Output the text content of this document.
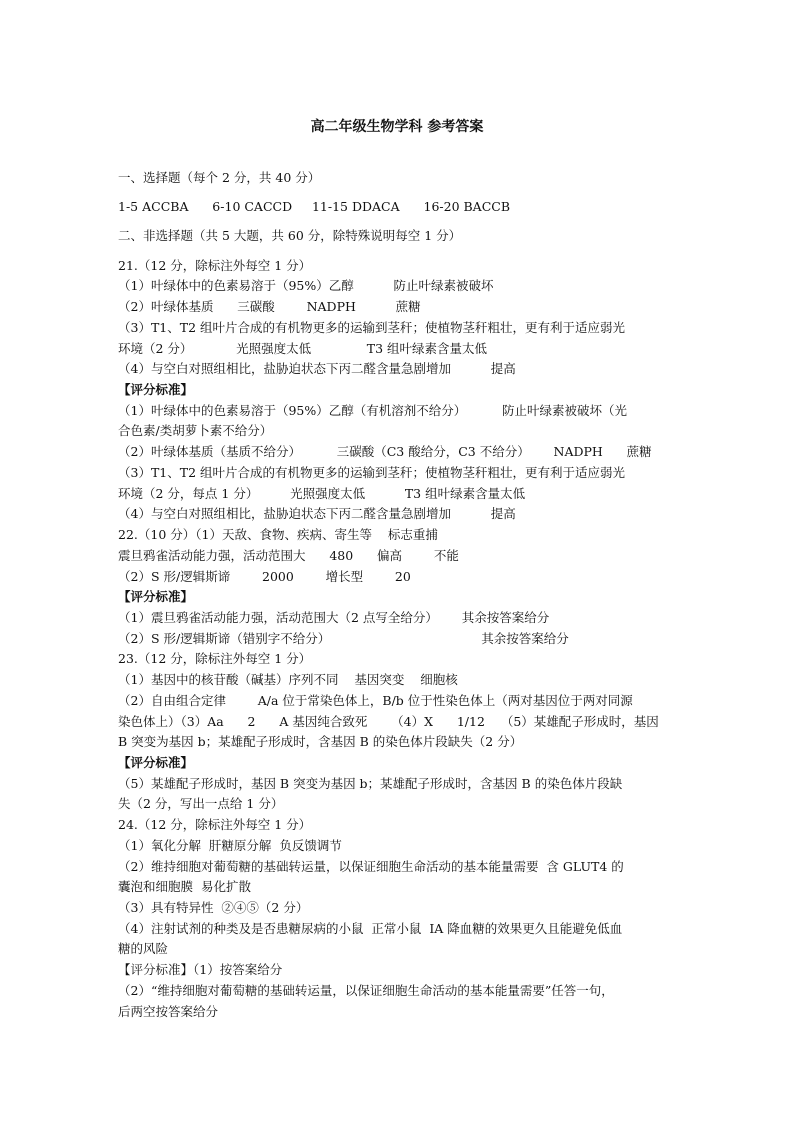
高二年级生物学科 参考答案
一、选择题（每个 2 分，共 40 分）
1-5 ACCBA      6-10 CACCD     11-15 DDACA      16-20 BACCB
二、非选择题（共 5 大题，共 60 分，除特殊说明每空 1 分）
21.（12 分，除标注外每空 1 分）
（1）叶绿体中的色素易溶于（95%）乙醇          防止叶绿素被破坏
（2）叶绿体基质      三碳酸        NADPH          蔗糖
（3）T1、T2 组叶片合成的有机物更多的运输到茎秆；使植物茎秆粗壮，更有利于适应弱光
环境（2 分）           光照强度太低              T3 组叶绿素含量太低
（4）与空白对照组相比，盐胁迫状态下丙二醛含量急剧增加          提高
【评分标准】
（1）叶绿体中的色素易溶于（95%）乙醇（有机溶剂不给分）         防止叶绿素被破坏（光
合色素/类胡萝卜素不给分）
（2）叶绿体基质（基质不给分）         三碳酸（C3 酸给分，C3 不给分）      NADPH      蔗糖
（3）T1、T2 组叶片合成的有机物更多的运输到茎秆；使植物茎秆粗壮，更有利于适应弱光
环境（2 分，每点 1 分）        光照强度太低          T3 组叶绿素含量太低
（4）与空白对照组相比，盐胁迫状态下丙二醛含量急剧增加          提高
22.（10 分）（1）天敌、食物、疾病、寄生等    标志重捕
震旦鸦雀活动能力强，活动范围大      480      偏高        不能
（2）S 形/逻辑斯谛        2000        增长型        20
【评分标准】
（1）震旦鸦雀活动能力强，活动范围大（2 点写全给分）      其余按答案给分
（2）S 形/逻辑斯谛（错别字不给分）                                      其余按答案给分
23.（12 分，除标注外每空 1 分）
（1）基因中的核苷酸（碱基）序列不同    基因突变    细胞核
（2）自由组合定律        A/a 位于常染色体上，B/b 位于性染色体上（两对基因位于两对同源
染色体上）（3）Aa      2      A 基因纯合致死      （4）X      1/12    （5）某雄配子形成时，基因
B 突变为基因 b；某雄配子形成时，含基因 B 的染色体片段缺失（2 分）
【评分标准】
（5）某雄配子形成时，基因 B 突变为基因 b；某雄配子形成时，含基因 B 的染色体片段缺
失（2 分，写出一点给 1 分）
24.（12 分，除标注外每空 1 分）
（1）氧化分解  肝糖原分解  负反馈调节
（2）维持细胞对葡萄糖的基础转运量，以保证细胞生命活动的基本能量需要  含 GLUT4 的
囊泡和细胞膜  易化扩散
（3）具有特异性  ②④⑤（2 分）
（4）注射试剂的种类及是否患糖尿病的小鼠  正常小鼠  IA 降血糖的效果更久且能避免低血
糖的风险
【评分标准】（1）按答案给分
（2）“维持细胞对葡萄糖的基础转运量，以保证细胞生命活动的基本能量需要”任答一句，
后两空按答案给分
